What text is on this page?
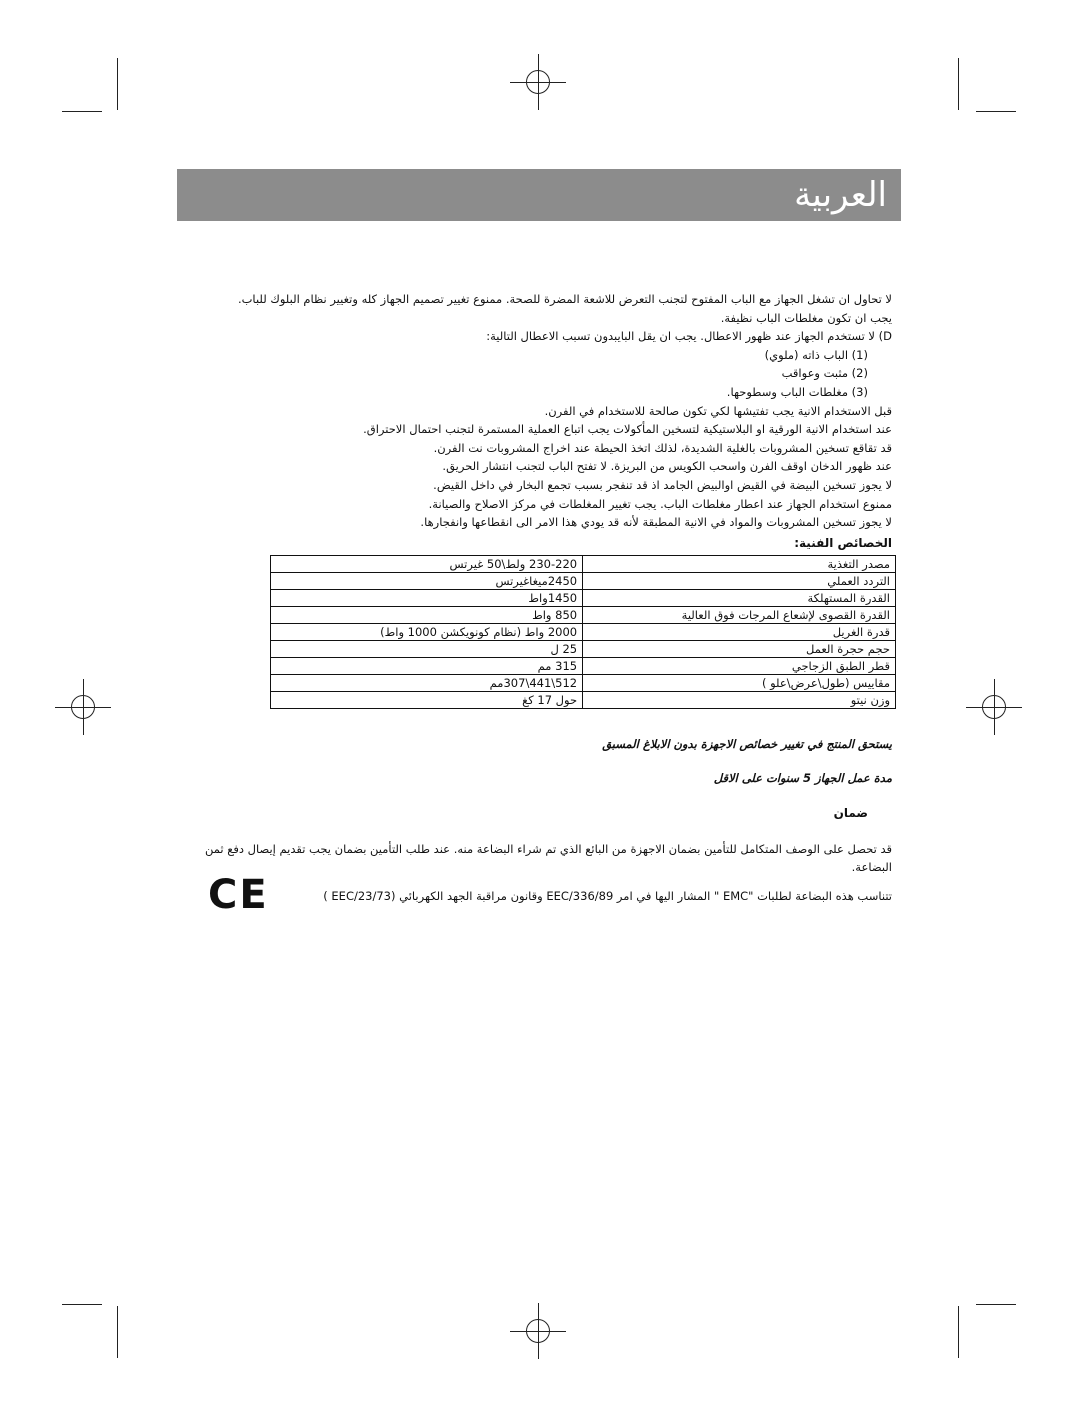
العربية

لا تحاول ان تشغل الجهاز مع الباب المفتوح لتجنب التعرض للاشعة المضرة للصحة. ممنوع تغيير تصميم الجهاز كله وتغيير نظام البلوك للباب.

يجب ان تكون مغلطات الباب نظيفة.

D) لا تستخدم الجهاز عند ظهور الاعطال. يجب ان يقل البايبدون تسبب الاعطال التالية:

(1) الباب ذاته (ملوي)

(2) مثبت وعواقب

(3) مغلطات الباب وسطوحها.

قبل الاستخدام الانية يجب تفتيشها لكي تكون صالحة للاستخدام في الفرن.

عند استخدام الانية الورقية او البلاستيكية لتسخين المأكولات يجب اتباع العملية المستمرة لتجنب احتمال الاحتراق.

قد تقاقع تسخين المشروبات بالغلية الشديدة، لذلك اتخذ الحيطة عند اخراج المشروبات نت الفرن.

عند ظهور الدخان اوقف الفرن واسحب الكويس من البريزة. لا تفتح الباب لتجنب انتشار الحريق.

لا يجوز تسخين البيضة في القيض اوالبيض الجامد اذ قد تنفجر بسبب تجمع البخار في داخل القيض.

ممنوع استخدام الجهاز عند اعطار مغلطات الباب. يجب تغيير المغلطات في مركز الاصلاح والصيانة.

لا يجوز تسخين المشروبات والمواد في الانية المطبقة لأنه قد يودي هذا الامر الى انقطاعها وانفجارها.

الخصائص الفنية:
مصدر التغذية	230-220 ولط\50 غيرتس
التردد العملي	2450ميغاغيرتس
القدرة المستهلكة	1450واط
القدرة القصوى لإشعاع المرجات فوق العالية	850 واط
قدرة الغريل	2000 واط (نظام كونويكشن 1000 واط)
حجم حجرة العمل	25 ل
قطر الطبق الزجاجي	315 مم
مقاييس (طول\عرض\علو )	512\441\307مم
وزن نيتو	حول 17 كغ
يستحق المنتج في تغيير خصائص الاجهزة بدون الابلاغ المسبق
مدة عمل الجهاز 5 سنوات على الاقل
ضمان

قد تحصل على الوصف المتكامل للتأمين بضمان الاجهزة من البائع الذي تم شراء البضاعة منه. عند طلب التأمين بضمان يجب تقديم إيصال دفع ثمن البضاعة.

تتناسب هذه البضاعة لطلبات "EMC " المشار اليها في امر EEC/336/89 وقانون مراقبة الجهد الكهربائي (EEC/23/73 )
CE
